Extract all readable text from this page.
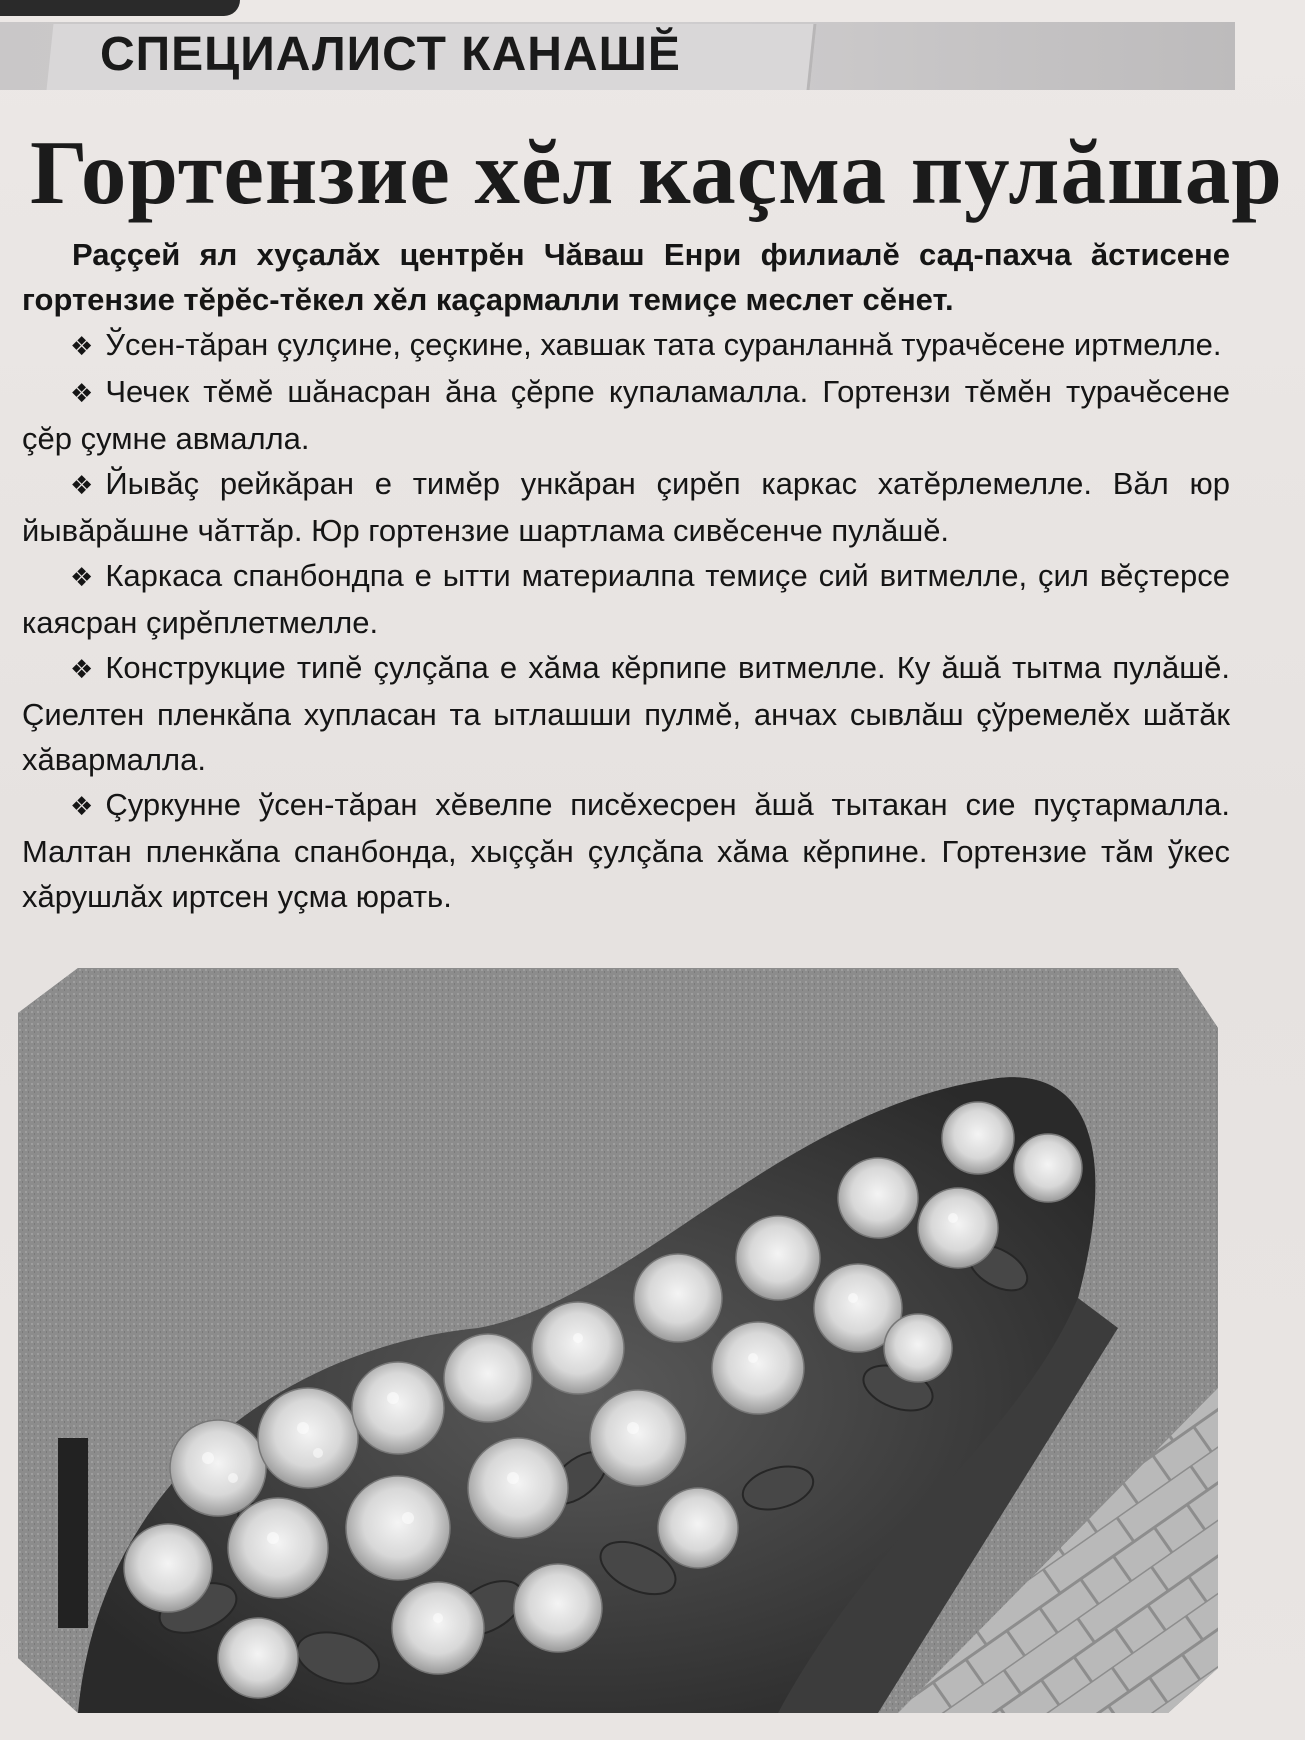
СПЕЦИАЛИСТ КАНАШĔ
Гортензие хĕл каçма пулăшар

Раççей ял хуçалăх центрĕн Чăваш Енри филиалĕ сад-пахча ăстисене гортензие тĕрĕс-тĕкел хĕл каçармалли темиçе меслет сĕнет.

❖ Ўсен-тăран çулçине, çеçкине, хавшак тата суранланнă турачĕсене иртмелле.

❖ Чечек тĕмĕ шăнасран ăна çĕрпе купаламалла. Гортензи тĕмĕн турачĕсене çĕр çумне авмалла.

❖ Йывăç рейкăран е тимĕр ункăран çирĕп каркас хатĕрлемелле. Вăл юр йывăрăшне чăттăр. Юр гортензие шартлама сивĕсенче пулăшĕ.

❖ Каркаса спанбондпа е ытти материалпа темиçе сий витмелле, çил вĕçтерсе каясран çирĕплетмелле.

❖ Конструкцие типĕ çулçăпа е хăма кĕрпипе витмелле. Ку ăшă тытма пулăшĕ. Çиелтен пленкăпа хупласан та ытлашши пулмĕ, анчах сывлăш çўремелĕх шăтăк хăвармалла.

❖ Çуркунне ўсен-тăран хĕвелпе писĕхесрен ăшă тытакан сие пуçтармалла. Малтан пленкăпа спанбонда, хыççăн çулçăпа хăма кĕрпине. Гортензие тăм ўкес хăрушлăх иртсен уçма юрать.
